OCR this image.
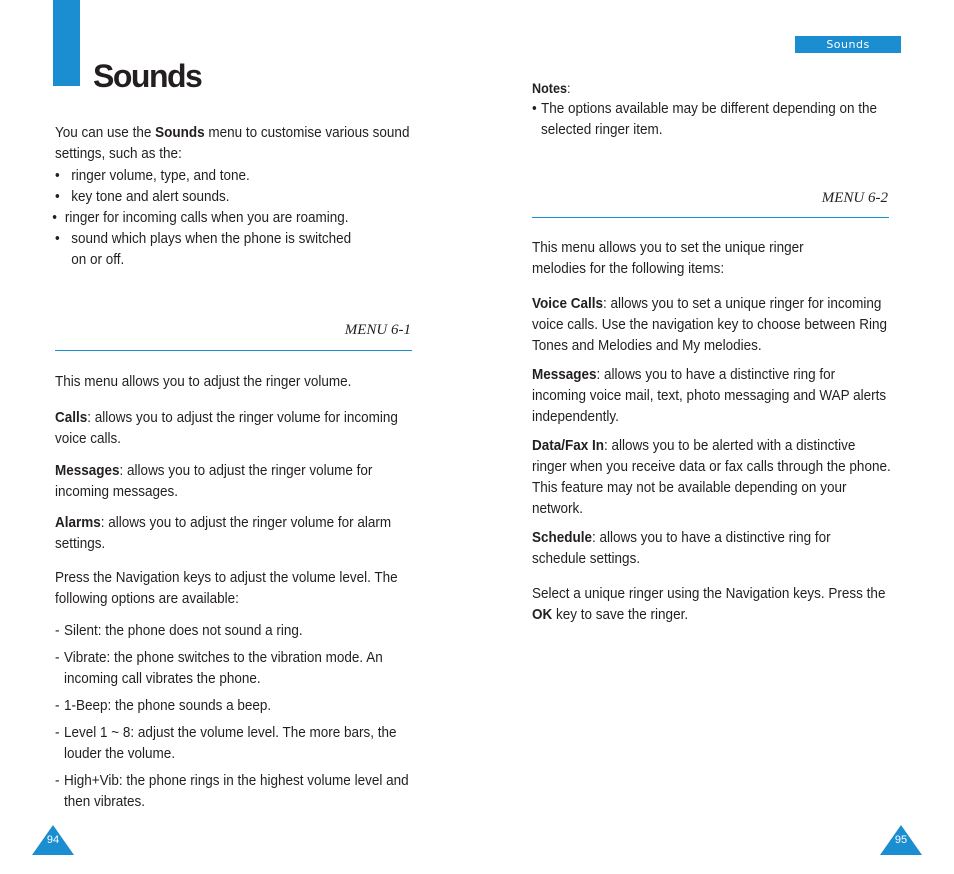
Sounds

You can use the Sounds menu to customise various sound settings, such as the:

• ringer volume, type, and tone.
• key tone and alert sounds.
• ringer for incoming calls when you are roaming.
• sound which plays when the phone is switched on or off.
MENU 6-1

This menu allows you to adjust the ringer volume.

Calls: allows you to adjust the ringer volume for incoming voice calls.

Messages: allows you to adjust the ringer volume for incoming messages.

Alarms: allows you to adjust the ringer volume for alarm settings.

Press the Navigation keys to adjust the volume level. The following options are available:

- Silent: the phone does not sound a ring.
- Vibrate: the phone switches to the vibration mode. An incoming call vibrates the phone.
- 1-Beep: the phone sounds a beep.
- Level 1 ~ 8: adjust the volume level. The more bars, the louder the volume.
- High+Vib: the phone rings in the highest volume level and then vibrates.
94
Sounds

Notes:

• The options available may be different depending on the selected ringer item.
MENU 6-2

This menu allows you to set the unique ringer melodies for the following items:

Voice Calls: allows you to set a unique ringer for incoming voice calls. Use the navigation key to choose between Ring Tones and Melodies and My melodies.

Messages: allows you to have a distinctive ring for incoming voice mail, text, photo messaging and WAP alerts independently.

Data/Fax In: allows you to be alerted with a distinctive ringer when you receive data or fax calls through the phone. This feature may not be available depending on your network.

Schedule: allows you to have a distinctive ring for schedule settings.

Select a unique ringer using the Navigation keys. Press the OK key to save the ringer.

95
